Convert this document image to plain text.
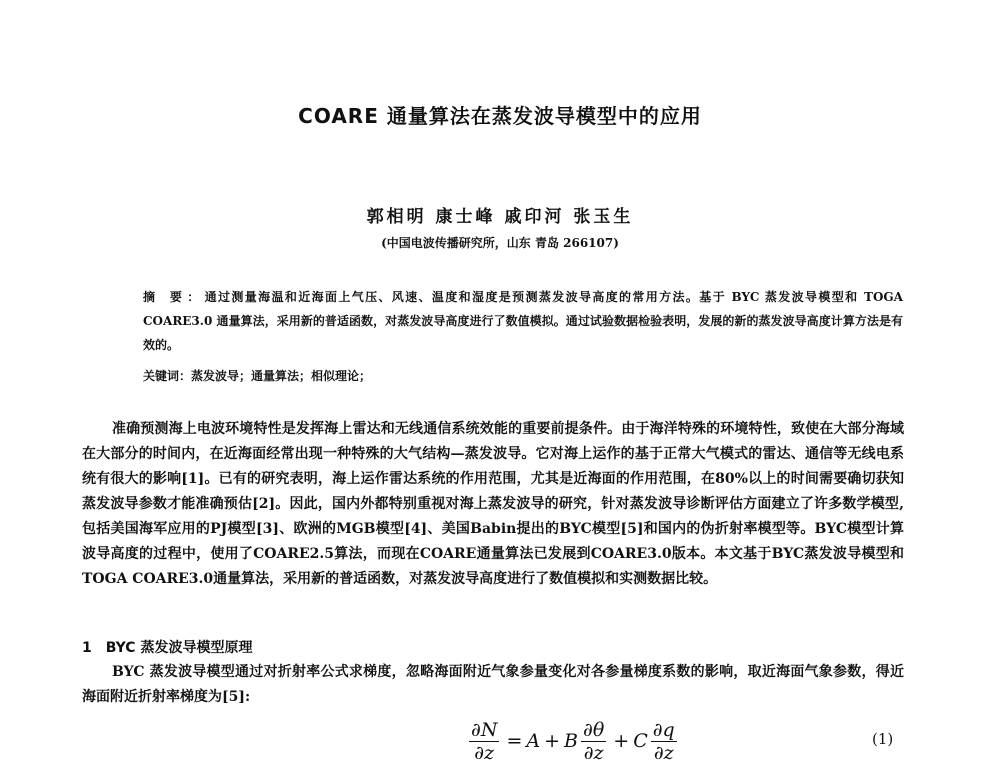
COARE 通量算法在蒸发波导模型中的应用
郭相明 康士峰 戚印河 张玉生
(中国电波传播研究所，山东 青岛 266107)
摘 要：通过测量海温和近海面上气压、风速、温度和湿度是预测蒸发波导高度的常用方法。基于 BYC 蒸发波导模型和 TOGA COARE3.0 通量算法，采用新的普适函数，对蒸发波导高度进行了数值模拟。通过试验数据检验表明，发展的新的蒸发波导高度计算方法是有效的。
关键词：蒸发波导；通量算法；相似理论；
准确预测海上电波环境特性是发挥海上雷达和无线通信系统效能的重要前提条件。由于海洋特殊的环境特性，致使在大部分海域在大部分的时间内，在近海面经常出现一种特殊的大气结构—蒸发波导。它对海上运作的基于正常大气模式的雷达、通信等无线电系统有很大的影响[1]。已有的研究表明，海上运作雷达系统的作用范围，尤其是近海面的作用范围，在80%以上的时间需要确切获知蒸发波导参数才能准确预估[2]。因此，国内外都特别重视对海上蒸发波导的研究，针对蒸发波导诊断评估方面建立了许多数学模型,包括美国海军应用的PJ模型[3]、欧洲的MGB模型[4]、美国Babin提出的BYC模型[5]和国内的伪折射率模型等。BYC模型计算波导高度的过程中，使用了COARE2.5算法，而现在COARE通量算法已发展到COARE3.0版本。本文基于BYC蒸发波导模型和TOGA COARE3.0通量算法，采用新的普适函数，对蒸发波导高度进行了数值模拟和实测数据比较。
1 BYC 蒸发波导模型原理
BYC 蒸发波导模型通过对折射率公式求梯度，忽略海面附近气象参量变化对各参量梯度系数的影响，取近海面气象参数，得近海面附近折射率梯度为[5]:
$\frac{\partial N}{\partial z} = A + B \frac{\partial\theta}{\partial z} + C \frac{\partial q}{\partial z}$	(1)
